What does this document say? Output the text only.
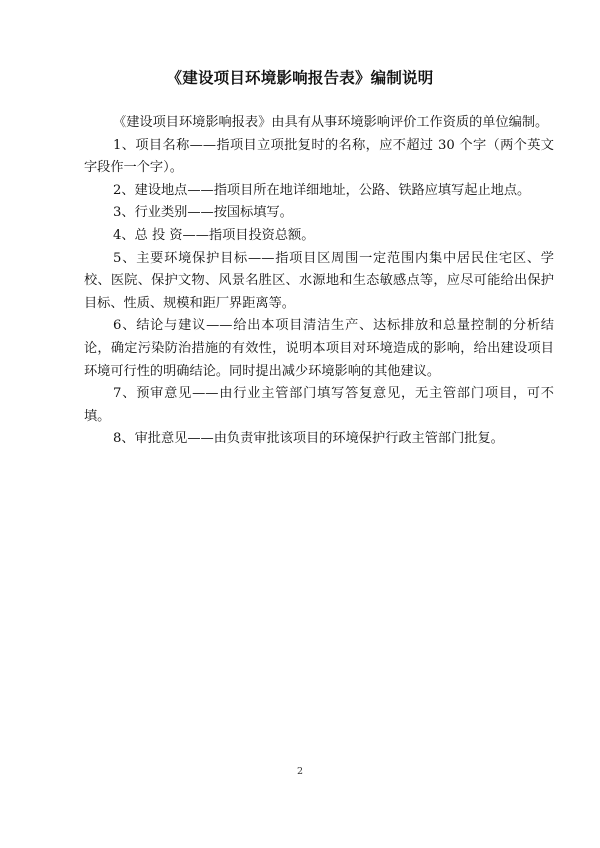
《建设项目环境影响报告表》编制说明

《建设项目环境影响报表》由具有从事环境影响评价工作资质的单位编制。

1、项目名称——指项目立项批复时的名称，应不超过 30 个字（两个英文字段作一个字）。

2、建设地点——指项目所在地详细地址，公路、铁路应填写起止地点。

3、行业类别——按国标填写。

4、总 投 资——指项目投资总额。

5、主要环境保护目标——指项目区周围一定范围内集中居民住宅区、学校、医院、保护文物、风景名胜区、水源地和生态敏感点等，应尽可能给出保护目标、性质、规模和距厂界距离等。

6、结论与建议——给出本项目清洁生产、达标排放和总量控制的分析结论，确定污染防治措施的有效性，说明本项目对环境造成的影响，给出建设项目环境可行性的明确结论。同时提出减少环境影响的其他建议。

7、预审意见——由行业主管部门填写答复意见，无主管部门项目，可不填。

8、审批意见——由负责审批该项目的环境保护行政主管部门批复。

2
